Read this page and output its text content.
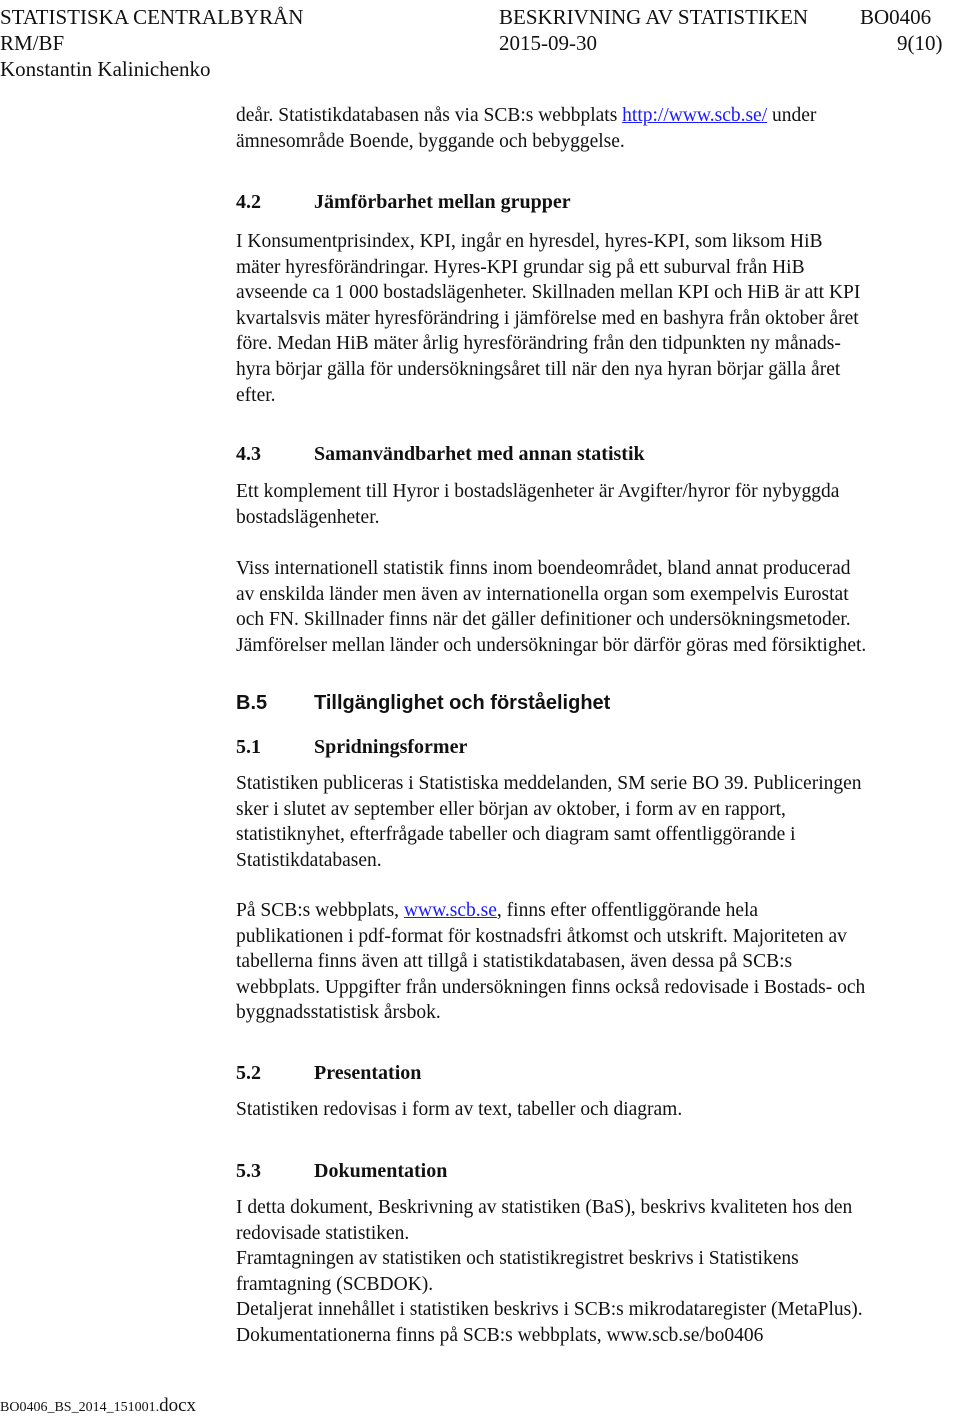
STATISTISKA CENTRALBYRÅN	BESKRIVNING AV STATISTIKEN BO0406
RM/BF	2015-09-30	9(10)
Konstantin Kalinichenko
deår. Statistikdatabasen nås via SCB:s webbplats http://www.scb.se/ under
ämnesområde Boende, byggande och bebyggelse.
4.2	Jämförbarhet mellan grupper
I Konsumentprisindex, KPI, ingår en hyresdel, hyres-KPI, som liksom HiB
mäter hyresförändringar. Hyres-KPI grundar sig på ett suburval från HiB
avseende ca 1 000 bostadslägenheter. Skillnaden mellan KPI och HiB är att KPI
kvartalsvis mäter hyresförändring i jämförelse med en bashyra från oktober året
före. Medan HiB mäter årlig hyresförändring från den tidpunkten ny månads-
hyra börjar gälla för undersökningsåret till när den nya hyran börjar gälla året
efter.
4.3	Samanvändbarhet med annan statistik
Ett komplement till Hyror i bostadslägenheter är Avgifter/hyror för nybyggda
bostadslägenheter.
Viss internationell statistik finns inom boendeområdet, bland annat producerad
av enskilda länder men även av internationella organ som exempelvis Eurostat
och FN. Skillnader finns när det gäller definitioner och undersökningsmetoder.
Jämförelser mellan länder och undersökningar bör därför göras med försiktighet.
B.5 Tillgänglighet och förståelighet
5.1	Spridningsformer
Statistiken publiceras i Statistiska meddelanden, SM serie BO 39. Publiceringen
sker i slutet av september eller början av oktober, i form av en rapport,
statistiknyhet, efterfrågade tabeller och diagram samt offentliggörande i
Statistikdatabasen.
På SCB:s webbplats, www.scb.se, finns efter offentliggörande hela
publikationen i pdf-format för kostnadsfri åtkomst och utskrift. Majoriteten av
tabellerna finns även att tillgå i statistikdatabasen, även dessa på SCB:s
webbplats. Uppgifter från undersökningen finns också redovisade i Bostads- och
byggnadsstatistisk årsbok.
5.2	Presentation
Statistiken redovisas i form av text, tabeller och diagram.
5.3	Dokumentation
I detta dokument, Beskrivning av statistiken (BaS), beskrivs kvaliteten hos den
redovisade statistiken.
Framtagningen av statistiken och statistikregistret beskrivs i Statistikens
framtagning (SCBDOK).
Detaljerat innehållet i statistiken beskrivs i SCB:s mikrodataregister (MetaPlus).
Dokumentationerna finns på SCB:s webbplats, www.scb.se/bo0406
BO0406_BS_2014_151001.docx
